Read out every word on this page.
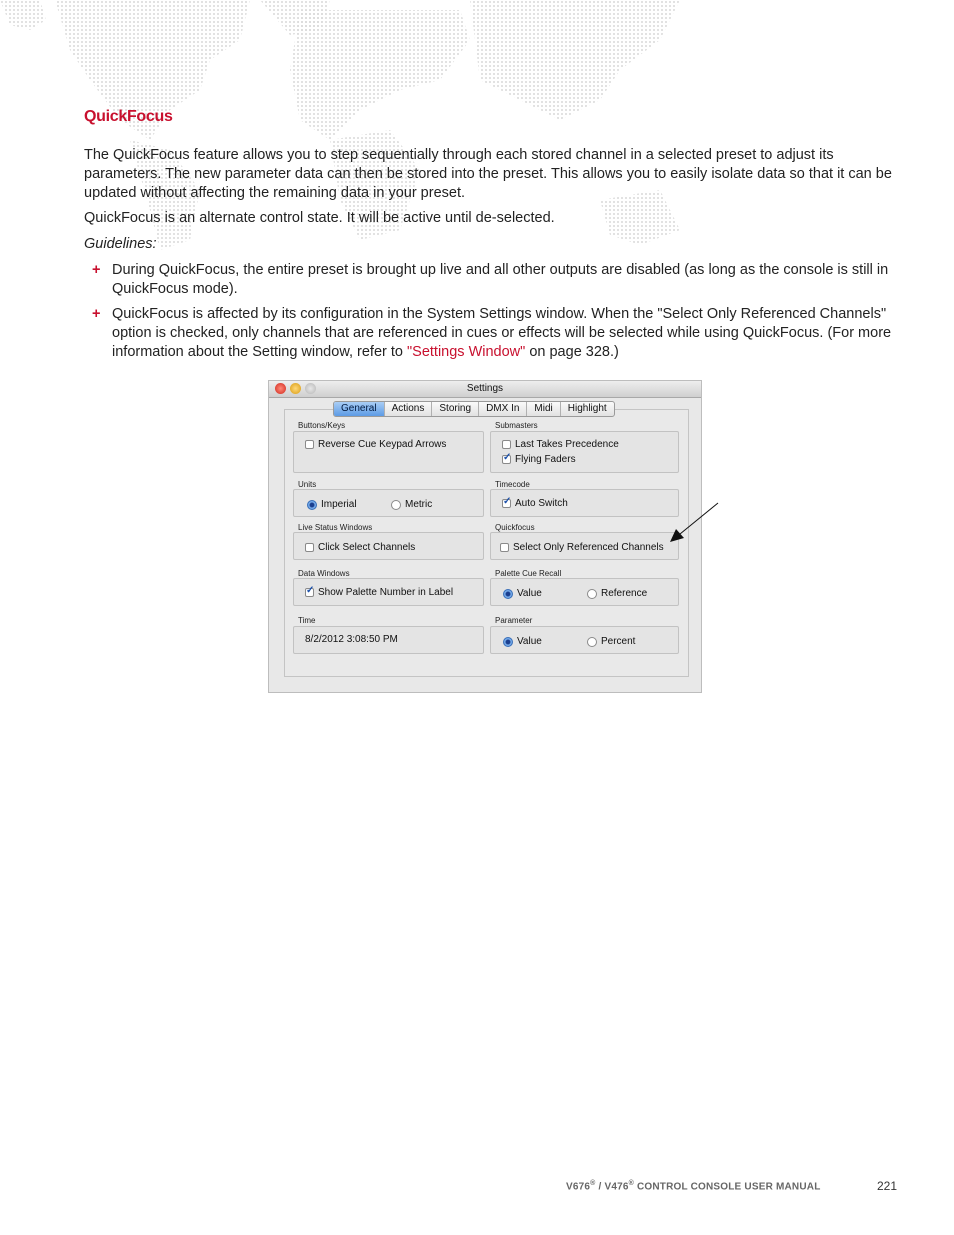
QuickFocus

The QuickFocus feature allows you to step sequentially through each stored channel in a selected preset to adjust its parameters. The new parameter data can then be stored into the preset. This allows you to easily isolate data so that it can be updated without affecting the remaining data in your preset.

QuickFocus is an alternate control state. It will be active until de-selected.

Guidelines:
+ During QuickFocus, the entire preset is brought up live and all other outputs are disabled (as long as the console is still in QuickFocus mode).
+ QuickFocus is affected by its configuration in the System Settings window. When the "Select Only Referenced Channels" option is checked, only channels that are referenced in cues or effects will be selected while using QuickFocus. (For more information about the Setting window, refer to "Settings Window" on page 328.)
Settings
General	Actions	Storing	DMX In	Midi	Highlight
Buttons/Keys
Reverse Cue Keypad Arrows
Submasters
Last Takes Precedence
✓
Flying Faders
Units
Imperial	Metric
Timecode
✓
Auto Switch
Live Status Windows
Click Select Channels
Quickfocus
Select Only Referenced Channels
Data Windows
✓
Show Palette Number in Label
Palette Cue Recall
Value	Reference
Time
8/2/2012 3:08:50 PM
Parameter
Value	Percent
V676® / V476® CONTROL CONSOLE USER MANUAL	221
